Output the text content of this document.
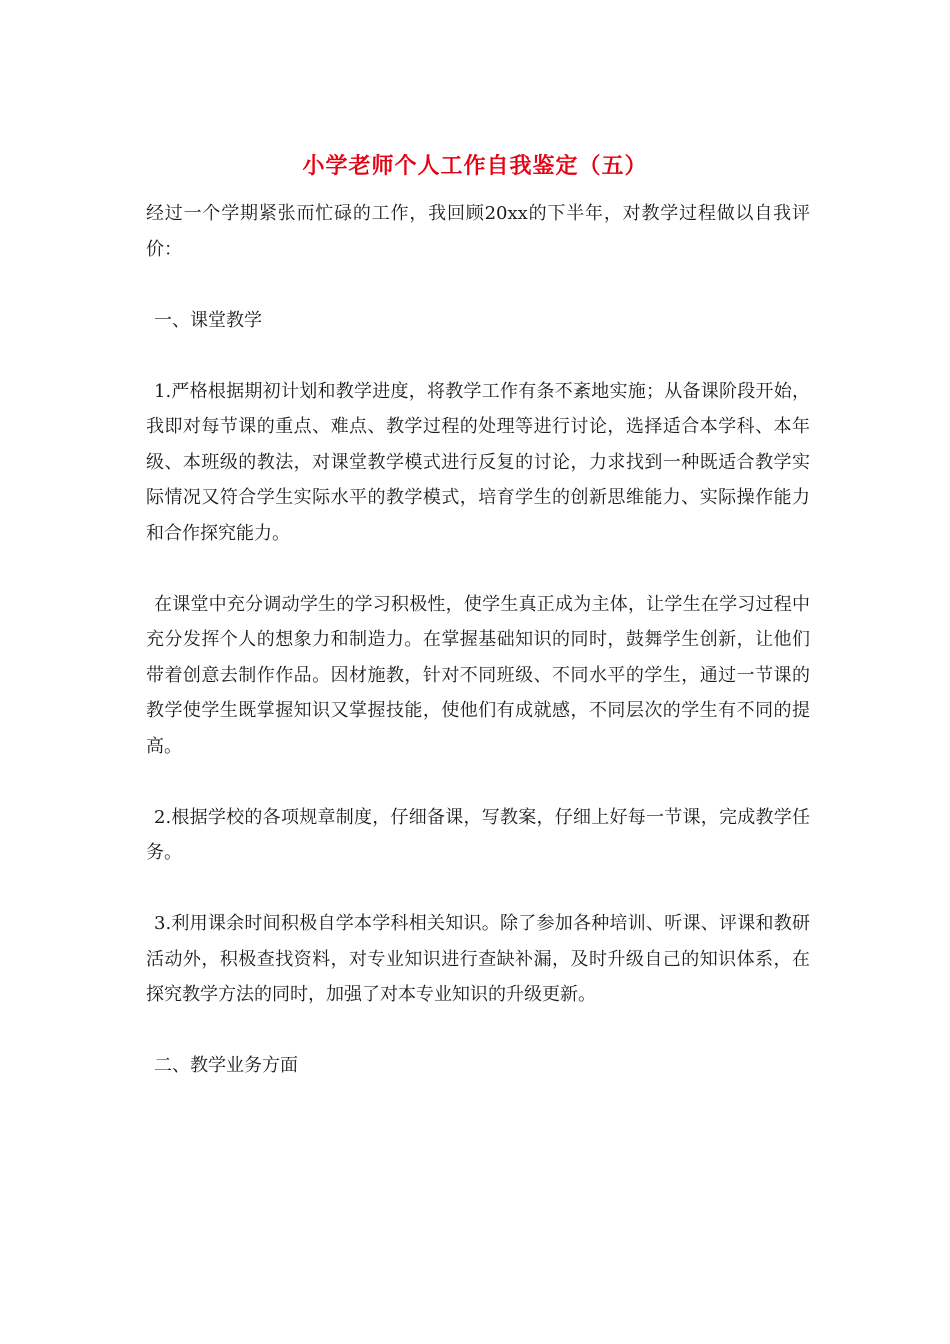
小学老师个人工作自我鉴定（五）

经过一个学期紧张而忙碌的工作，我回顾20xx的下半年，对教学过程做以自我评价：

一、课堂教学

1.严格根据期初计划和教学进度，将教学工作有条不紊地实施；从备课阶段开始，我即对每节课的重点、难点、教学过程的处理等进行讨论，选择适合本学科、本年级、本班级的教法，对课堂教学模式进行反复的讨论，力求找到一种既适合教学实际情况又符合学生实际水平的教学模式，培育学生的创新思维能力、实际操作能力和合作探究能力。

在课堂中充分调动学生的学习积极性，使学生真正成为主体，让学生在学习过程中充分发挥个人的想象力和制造力。在掌握基础知识的同时，鼓舞学生创新，让他们带着创意去制作作品。因材施教，针对不同班级、不同水平的学生，通过一节课的教学使学生既掌握知识又掌握技能，使他们有成就感，不同层次的学生有不同的提高。

2.根据学校的各项规章制度，仔细备课，写教案，仔细上好每一节课，完成教学任务。

3.利用课余时间积极自学本学科相关知识。除了参加各种培训、听课、评课和教研活动外，积极查找资料，对专业知识进行查缺补漏，及时升级自己的知识体系，在探究教学方法的同时，加强了对本专业知识的升级更新。

二、教学业务方面
